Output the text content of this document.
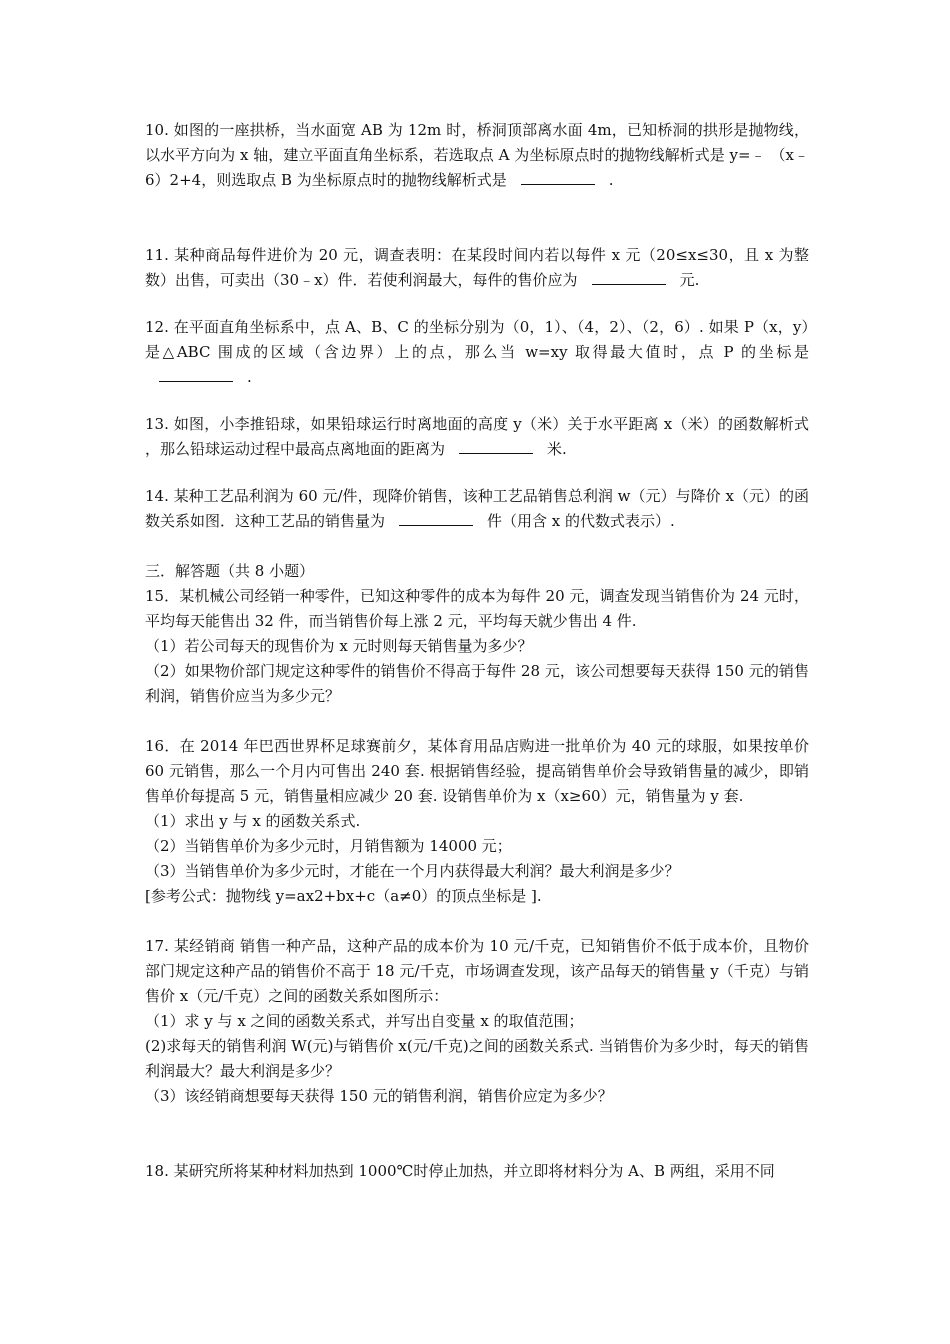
10. 如图的一座拱桥，当水面宽 AB 为 12m 时，桥洞顶部离水面 4m，已知桥洞的拱形是抛物线，以水平方向为 x 轴，建立平面直角坐标系，若选取点 A 为坐标原点时的抛物线解析式是 y=﹣ （x﹣6）2+4，则选取点 B 为坐标原点时的抛物线解析式是	.

11. 某种商品每件进价为 20 元，调查表明：在某段时间内若以每件 x 元（20≤x≤30，且 x 为整数）出售，可卖出（30﹣x）件．若使利润最大，每件的售价应为	元.

12. 在平面直角坐标系中，点 A、B、C 的坐标分别为（0，1）、（4，2）、（2，6）. 如果 P（x，y）是△ABC 围成的区域（含边界）上的点，那么当 w=xy 取得最大值时，点 P 的坐标是.

13. 如图，小李推铅球，如果铅球运行时离地面的高度 y（米）关于水平距离 x（米）的函数解析式 ，那么铅球运动过程中最高点离地面的距离为	米.

14. 某种工艺品利润为 60 元/件，现降价销售，该种工艺品销售总利润 w（元）与降价 x（元）的函数关系如图．这种工艺品的销售量为	件（用含 x 的代数式表示）.

三．解答题（共 8 小题）

15．某机械公司经销一种零件，已知这种零件的成本为每件 20 元，调查发现当销售价为 24 元时，平均每天能售出 32 件，而当销售价每上涨 2 元，平均每天就少售出 4 件.

（1）若公司每天的现售价为 x 元时则每天销售量为多少？

（2）如果物价部门规定这种零件的销售价不得高于每件 28 元，该公司想要每天获得 150 元的销售利润，销售价应当为多少元？

16．在 2014 年巴西世界杯足球赛前夕，某体育用品店购进一批单价为 40 元的球服，如果按单价 60 元销售，那么一个月内可售出 240 套. 根据销售经验，提高销售单价会导致销售量的减少，即销售单价每提高 5 元，销售量相应减少 20 套. 设销售单价为 x（x≥60）元，销售量为 y 套.

（1）求出 y 与 x 的函数关系式.

（2）当销售单价为多少元时，月销售额为 14000 元；

（3）当销售单价为多少元时，才能在一个月内获得最大利润？最大利润是多少？

[参考公式：抛物线 y=ax2+bx+c（a≠0）的顶点坐标是 ].

17. 某经销商 销售一种产品，这种产品的成本价为 10 元/千克，已知销售价不低于成本价，且物价部门规定这种产品的销售价不高于 18 元/千克，市场调查发现，该产品每天的销售量 y（千克）与销售价 x（元/千克）之间的函数关系如图所示：

（1）求 y 与 x 之间的函数关系式，并写出自变量 x 的取值范围；

(2)求每天的销售利润 W(元)与销售价 x(元/千克)之间的函数关系式. 当销售价为多少时，每天的销售利润最大？最大利润是多少？

（3）该经销商想要每天获得 150 元的销售利润，销售价应定为多少？

18. 某研究所将某种材料加热到 1000℃时停止加热，并立即将材料分为 A、B 两组，采用不同
